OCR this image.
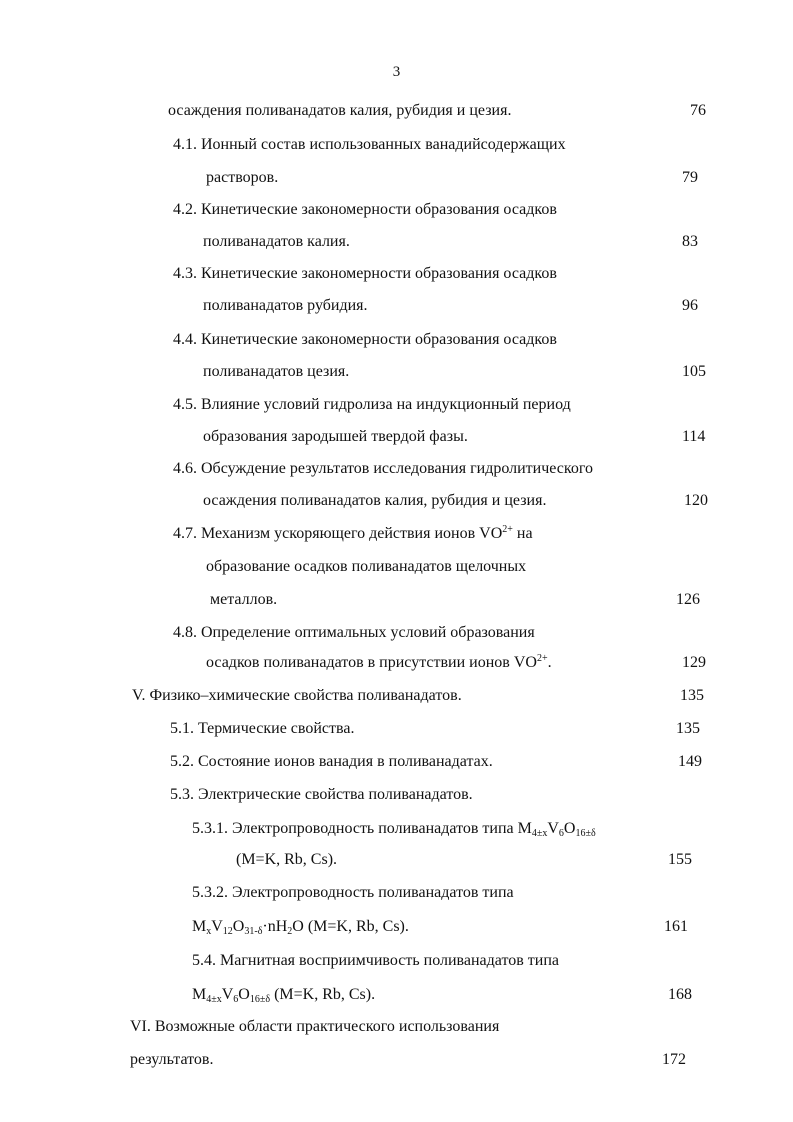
3
осаждения поливанадатов калия, рубидия и цезия.	76
4.1. Ионный состав использованных ванадийсодержащих
растворов.	79
4.2. Кинетические закономерности образования осадков
поливанадатов калия.	83
4.3. Кинетические закономерности образования осадков
поливанадатов рубидия.	96
4.4. Кинетические закономерности образования осадков
поливанадатов цезия.	105
4.5. Влияние условий гидролиза на индукционный период
образования зародышей твердой фазы.	114
4.6. Обсуждение результатов исследования гидролитического
осаждения поливанадатов калия, рубидия и цезия.	120
4.7. Механизм ускоряющего действия ионов $VO^{2+}$ на
образование осадков поливанадатов щелочных
металлов.	126
4.8. Определение оптимальных условий образования
осадков поливанадатов в присутствии ионов $VO^{2+}$.	129
V. Физико–химические свойства поливанадатов.	135
5.1. Термические свойства.	135
5.2. Состояние ионов ванадия в поливанадатах.	149
5.3. Электрические свойства поливанадатов.
5.3.1. Электропроводность поливанадатов типа $М_{4\pm x}V_6O_{16\pm\delta}$
(M=K, Rb, Cs).	155
5.3.2. Электропроводность поливанадатов типа
$M_xV_{12}O_{31-\delta}\cdot nH_2O$ (M=K, Rb, Cs).	161
5.4. Магнитная восприимчивость поливанадатов типа
$M_{4\pm x}V_6O_{16\pm\delta}$ (M=K, Rb, Cs).	168
VI. Возможные области практического использования
результатов.	172
